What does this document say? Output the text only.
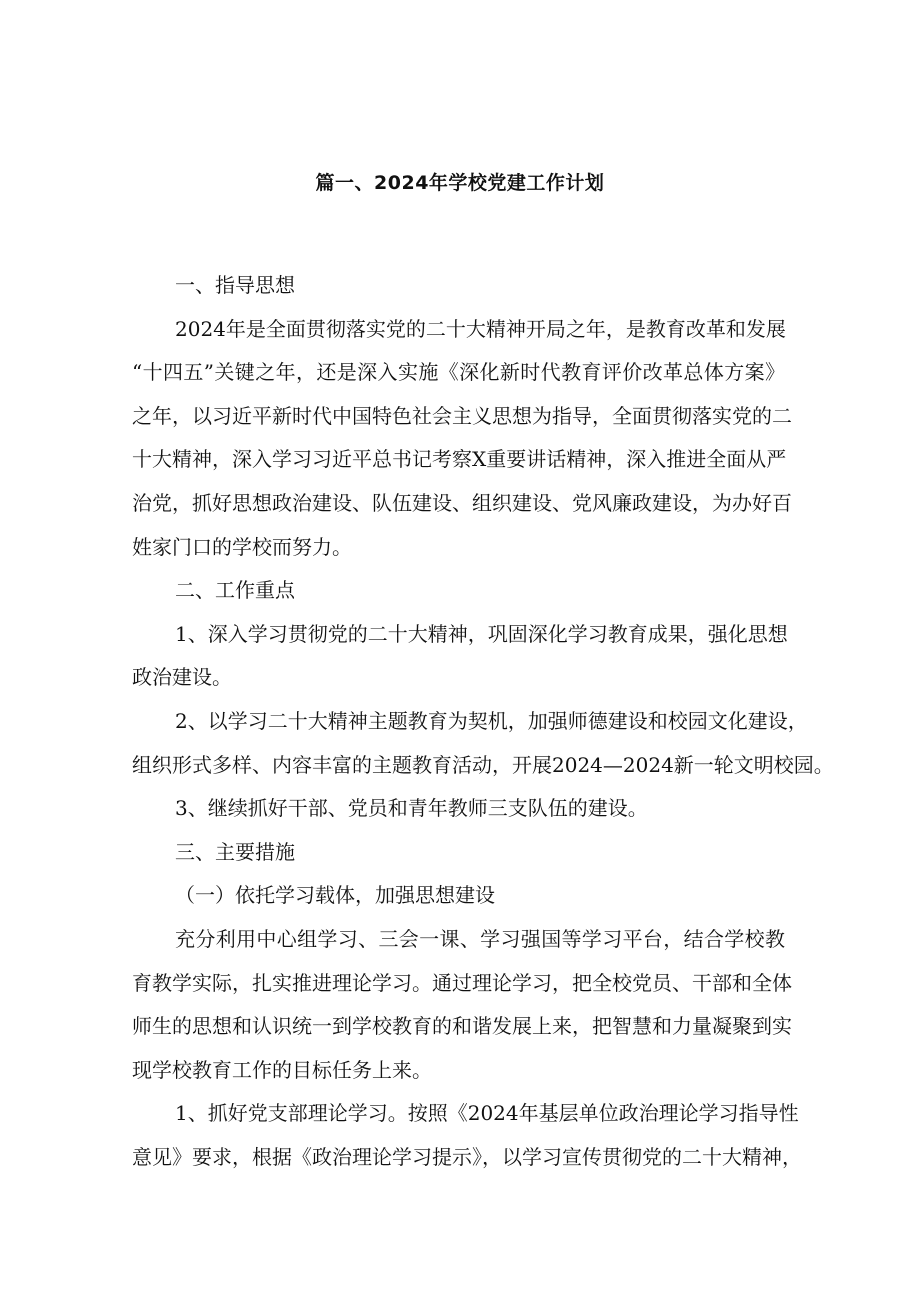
篇一、2024年学校党建工作计划
一、指导思想
2024年是全面贯彻落实党的二十大精神开局之年，是教育改革和发展
“十四五”关键之年，还是深入实施《深化新时代教育评价改革总体方案》
之年，以习近平新时代中国特色社会主义思想为指导，全面贯彻落实党的二
十大精神，深入学习习近平总书记考察X重要讲话精神，深入推进全面从严
治党，抓好思想政治建设、队伍建设、组织建设、党风廉政建设，为办好百
姓家门口的学校而努力。
二、工作重点
1、深入学习贯彻党的二十大精神，巩固深化学习教育成果，强化思想
政治建设。
2、以学习二十大精神主题教育为契机，加强师德建设和校园文化建设，
组织形式多样、内容丰富的主题教育活动，开展2024—2024新一轮文明校园。
3、继续抓好干部、党员和青年教师三支队伍的建设。
三、主要措施
（一）依托学习载体，加强思想建设
充分利用中心组学习、三会一课、学习强国等学习平台，结合学校教
育教学实际，扎实推进理论学习。通过理论学习，把全校党员、干部和全体
师生的思想和认识统一到学校教育的和谐发展上来，把智慧和力量凝聚到实
现学校教育工作的目标任务上来。
1、抓好党支部理论学习。按照《2024年基层单位政治理论学习指导性
意见》要求，根据《政治理论学习提示》，以学习宣传贯彻党的二十大精神，
